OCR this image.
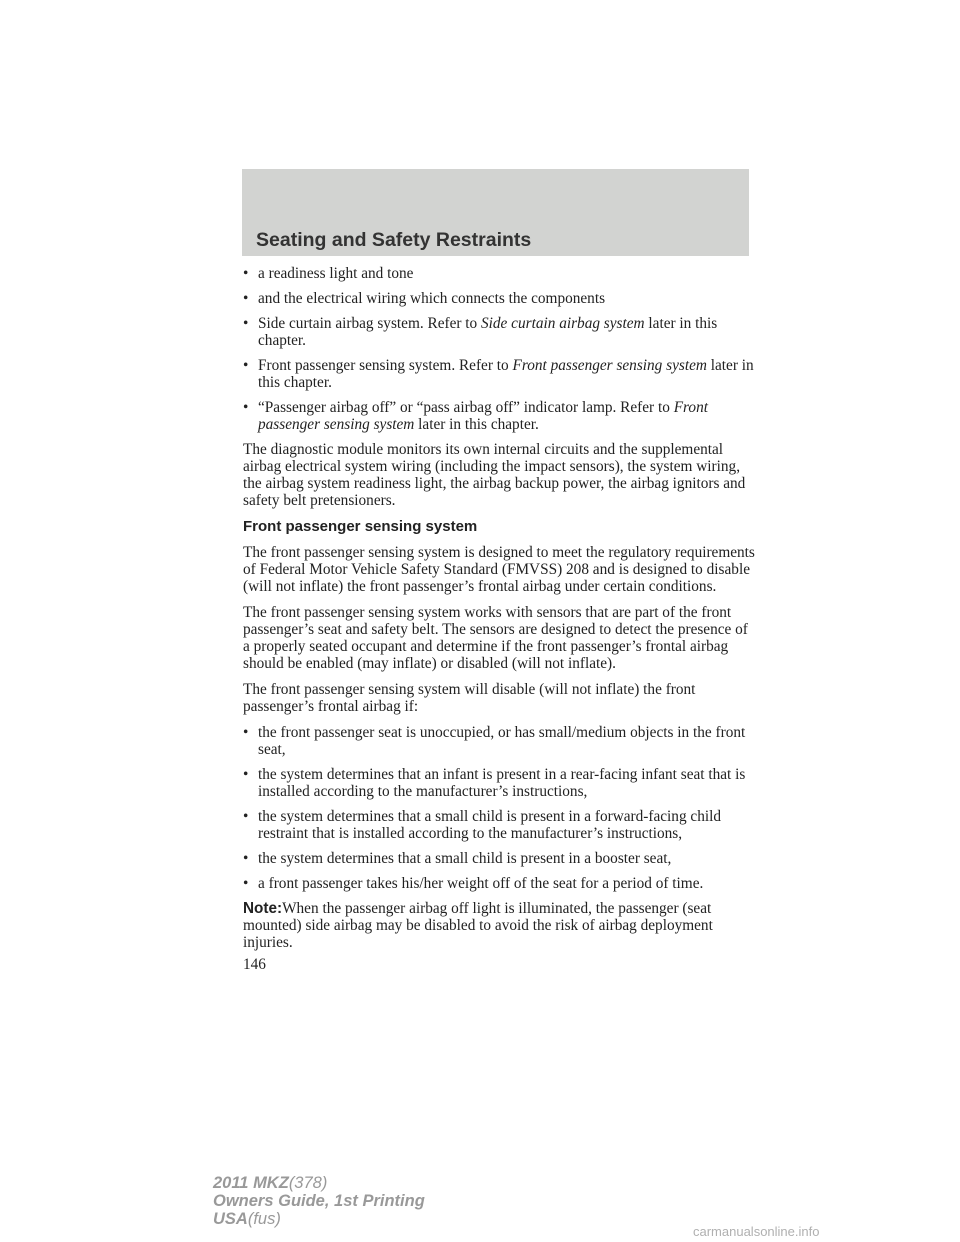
Seating and Safety Restraints
• a readiness light and tone
• and the electrical wiring which connects the components
• Side curtain airbag system. Refer to Side curtain airbag system later in this chapter.
• Front passenger sensing system. Refer to Front passenger sensing system later in this chapter.
• “Passenger airbag off” or “pass airbag off” indicator lamp. Refer to Front passenger sensing system later in this chapter.

The diagnostic module monitors its own internal circuits and the supplemental airbag electrical system wiring (including the impact sensors), the system wiring, the airbag system readiness light, the airbag backup power, the airbag ignitors and safety belt pretensioners.

Front passenger sensing system

The front passenger sensing system is designed to meet the regulatory requirements of Federal Motor Vehicle Safety Standard (FMVSS) 208 and is designed to disable (will not inflate) the front passenger’s frontal airbag under certain conditions.

The front passenger sensing system works with sensors that are part of the front passenger’s seat and safety belt. The sensors are designed to detect the presence of a properly seated occupant and determine if the front passenger’s frontal airbag should be enabled (may inflate) or disabled (will not inflate).

The front passenger sensing system will disable (will not inflate) the front passenger’s frontal airbag if:

• the front passenger seat is unoccupied, or has small/medium objects in the front seat,
• the system determines that an infant is present in a rear-facing infant seat that is installed according to the manufacturer’s instructions,
• the system determines that a small child is present in a forward-facing child restraint that is installed according to the manufacturer’s instructions,
• the system determines that a small child is present in a booster seat,
• a front passenger takes his/her weight off of the seat for a period of time.

Note:When the passenger airbag off light is illuminated, the passenger (seat mounted) side airbag may be disabled to avoid the risk of airbag deployment injuries.

146
2011 MKZ(378)
Owners Guide, 1st Printing
USA(fus)
carmanualsonline.info
